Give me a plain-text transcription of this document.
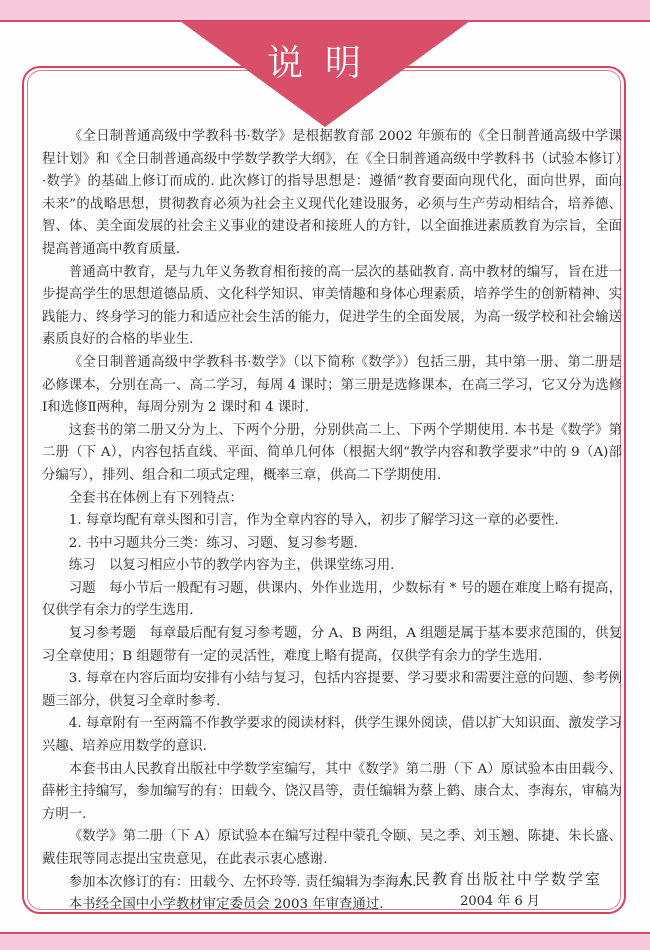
说明

《全日制普通高级中学教科书·数学》是根据教育部 2002 年颁布的《全日制普通高级中学课程计划》和《全日制普通高级中学数学教学大纲》，在《全日制普通高级中学教科书（试验本修订）·数学》的基础上修订而成的. 此次修订的指导思想是：遵循“教育要面向现代化，面向世界，面向未来”的战略思想，贯彻教育必须为社会主义现代化建设服务，必须与生产劳动相结合，培养德、智、体、美全面发展的社会主义事业的建设者和接班人的方针，以全面推进素质教育为宗旨，全面提高普通高中教育质量.

普通高中教育，是与九年义务教育相衔接的高一层次的基础教育. 高中教材的编写，旨在进一步提高学生的思想道德品质、文化科学知识、审美情趣和身体心理素质，培养学生的创新精神、实践能力、终身学习的能力和适应社会生活的能力，促进学生的全面发展，为高一级学校和社会输送素质良好的合格的毕业生.

《全日制普通高级中学教科书·数学》（以下简称《数学》）包括三册，其中第一册、第二册是必修课本，分别在高一、高二学习，每周 4 课时；第三册是选修课本，在高三学习，它又分为选修Ⅰ和选修Ⅱ两种，每周分别为 2 课时和 4 课时.

这套书的第二册又分为上、下两个分册，分别供高二上、下两个学期使用. 本书是《数学》第二册（下 A），内容包括直线、平面、简单几何体（根据大纲“教学内容和教学要求”中的 9（A)部分编写），排列、组合和二项式定理，概率三章，供高二下学期使用.

全套书在体例上有下列特点：

1. 每章均配有章头图和引言，作为全章内容的导入，初步了解学习这一章的必要性.

2. 书中习题共分三类：练习、习题、复习参考题.

练习 以复习相应小节的教学内容为主，供课堂练习用.

习题 每小节后一般配有习题，供课内、外作业选用，少数标有 * 号的题在难度上略有提高，仅供学有余力的学生选用.

复习参考题 每章最后配有复习参考题，分 A、B 两组，A 组题是属于基本要求范围的，供复习全章使用；B 组题带有一定的灵活性，难度上略有提高，仅供学有余力的学生选用.

3. 每章在内容后面均安排有小结与复习，包括内容提要、学习要求和需要注意的问题、参考例题三部分，供复习全章时参考.

4. 每章附有一至两篇不作教学要求的阅读材料，供学生课外阅读，借以扩大知识面、激发学习兴趣、培养应用数学的意识.

本套书由人民教育出版社中学数学室编写，其中《数学》第二册（下 A）原试验本由田载今、薛彬主持编写，参加编写的有：田载今、饶汉昌等，责任编辑为蔡上鹤、康合太、李海东，审稿为方明一.

《数学》第二册（下 A）原试验本在编写过程中蒙孔令颐、吴之季、刘玉翘、陈捷、朱长盛、戴佳珉等同志提出宝贵意见，在此表示衷心感谢.

参加本次修订的有：田载今、左怀玲等. 责任编辑为李海东.

本书经全国中小学教材审定委员会 2003 年审查通过.

人民教育出版社中学数学室
2004 年 6 月
